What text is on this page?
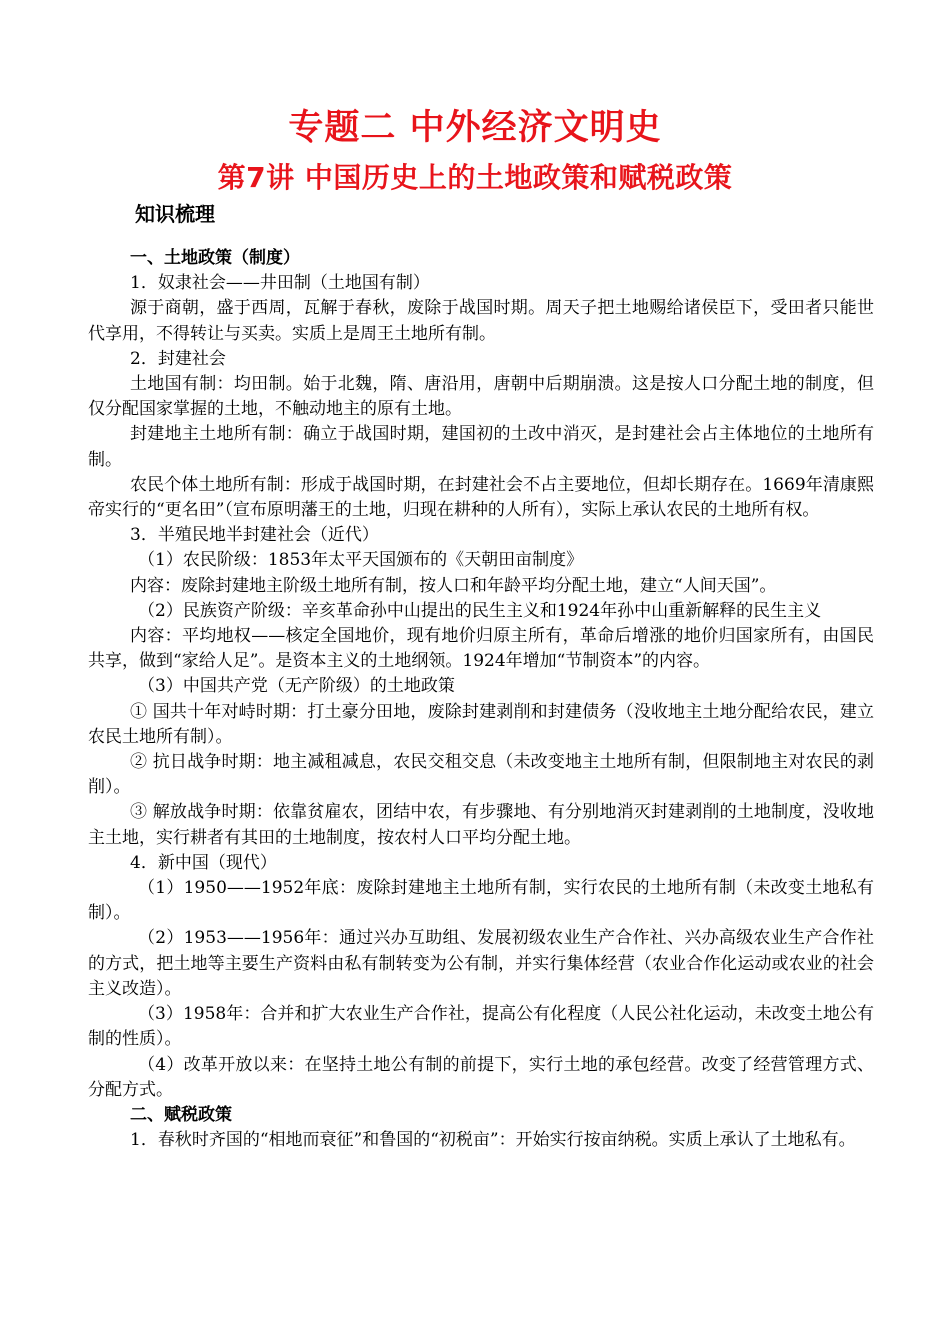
专题二 中外经济文明史
第7讲 中国历史上的土地政策和赋税政策
知识梳理

一、土地政策（制度）

1．奴隶社会——井田制（土地国有制）

源于商朝，盛于西周，瓦解于春秋，废除于战国时期。周天子把土地赐给诸侯臣下，受田者只能世代享用，不得转让与买卖。实质上是周王土地所有制。

2．封建社会

土地国有制：均田制。始于北魏，隋、唐沿用，唐朝中后期崩溃。这是按人口分配土地的制度，但仅分配国家掌握的土地，不触动地主的原有土地。

封建地主土地所有制：确立于战国时期，建国初的土改中消灭，是封建社会占主体地位的土地所有制。

农民个体土地所有制：形成于战国时期，在封建社会不占主要地位，但却长期存在。1669年清康熙帝实行的“更名田”（宣布原明藩王的土地，归现在耕种的人所有），实际上承认农民的土地所有权。

3．半殖民地半封建社会（近代）

（1）农民阶级：1853年太平天国颁布的《天朝田亩制度》

内容：废除封建地主阶级土地所有制，按人口和年龄平均分配土地，建立“人间天国”。

（2）民族资产阶级：辛亥革命孙中山提出的民生主义和1924年孙中山重新解释的民生主义

内容：平均地权——核定全国地价，现有地价归原主所有，革命后增涨的地价归国家所有，由国民共享，做到“家给人足”。是资本主义的土地纲领。1924年增加“节制资本”的内容。

（3）中国共产党（无产阶级）的土地政策

① 国共十年对峙时期：打土豪分田地，废除封建剥削和封建债务（没收地主土地分配给农民，建立农民土地所有制）。

② 抗日战争时期：地主减租减息，农民交租交息（未改变地主土地所有制，但限制地主对农民的剥削）。

③ 解放战争时期：依靠贫雇农，团结中农，有步骤地、有分别地消灭封建剥削的土地制度，没收地主土地，实行耕者有其田的土地制度，按农村人口平均分配土地。

4．新中国（现代）

（1）1950——1952年底：废除封建地主土地所有制，实行农民的土地所有制（未改变土地私有制）。

（2）1953——1956年：通过兴办互助组、发展初级农业生产合作社、兴办高级农业生产合作社的方式，把土地等主要生产资料由私有制转变为公有制，并实行集体经营（农业合作化运动或农业的社会主义改造）。

（3）1958年：合并和扩大农业生产合作社，提高公有化程度（人民公社化运动，未改变土地公有制的性质）。

（4）改革开放以来：在坚持土地公有制的前提下，实行土地的承包经营。改变了经营管理方式、分配方式。

二、赋税政策

1．春秋时齐国的“相地而衰征”和鲁国的“初税亩”：开始实行按亩纳税。实质上承认了土地私有。
